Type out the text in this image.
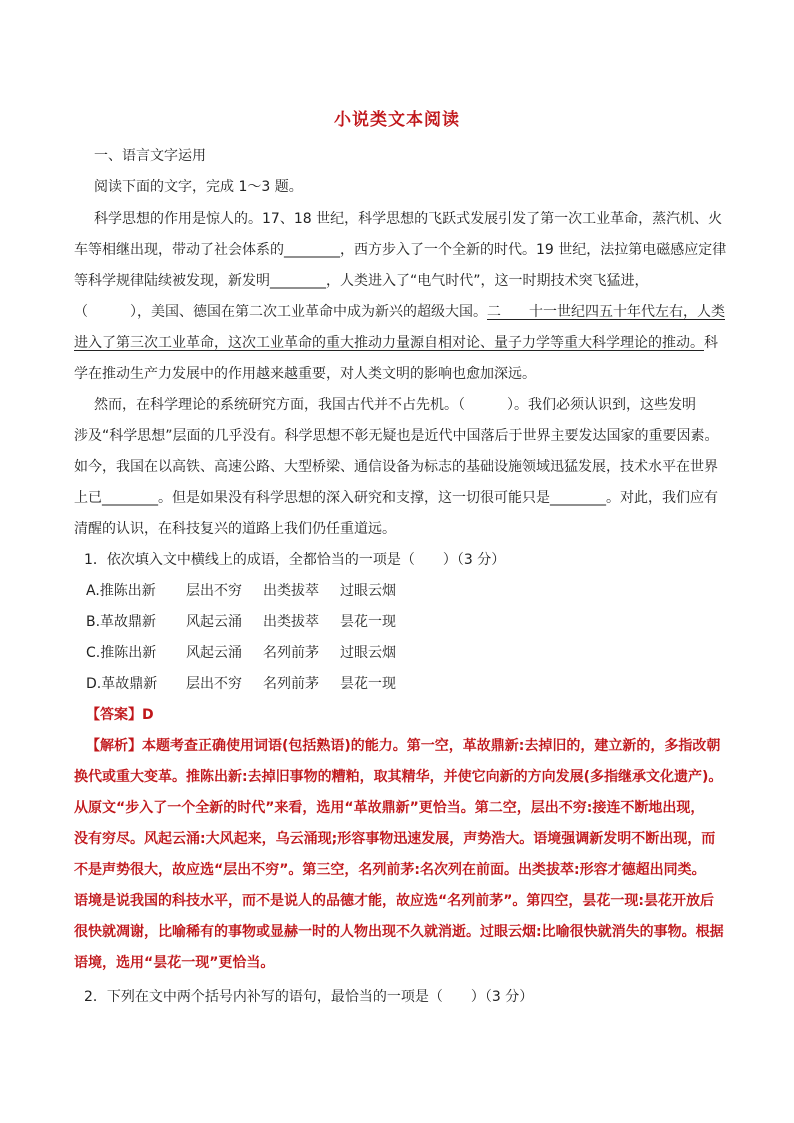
小说类文本阅读
一、语言文字运用
阅读下面的文字，完成 1～3 题。
科学思想的作用是惊人的。17、18 世纪，科学思想的飞跃式发展引发了第一次工业革命，蒸汽机、火
车等相继出现，带动了社会体系的________，西方步入了一个全新的时代。19 世纪，法拉第电磁感应定律
等科学规律陆续被发现，新发明________，人类进入了“电气时代”，这一时期技术突飞猛进，
（　　　），美国、德国在第二次工业革命中成为新兴的超级大国。二　　十一世纪四五十年代左右，人类
进入了第三次工业革命，这次工业革命的重大推动力量源自相对论、量子力学等重大科学理论的推动。科
学在推动生产力发展中的作用越来越重要，对人类文明的影响也愈加深远。
然而，在科学理论的系统研究方面，我国古代并不占先机。（　　　）。我们必须认识到，这些发明
涉及“科学思想”层面的几乎没有。科学思想不彰无疑也是近代中国落后于世界主要发达国家的重要因素。
如今，我国在以高铁、高速公路、大型桥梁、通信设备为标志的基础设施领域迅猛发展，技术水平在世界
上已________。但是如果没有科学思想的深入研究和支撑，这一切很可能只是________。对此，我们应有
清醒的认识，在科技复兴的道路上我们仍任重道远。
1．依次填入文中横线上的成语，全都恰当的一项是（　　）（3 分）
A.推陈出新 层出不穷 出类拔萃 过眼云烟
B.革故鼎新 风起云涌 出类拔萃 昙花一现
C.推陈出新 风起云涌 名列前茅 过眼云烟
D.革故鼎新 层出不穷 名列前茅 昙花一现
【答案】D
【解析】本题考查正确使用词语(包括熟语)的能力。第一空，革故鼎新:去掉旧的，建立新的，多指改朝
换代或重大变革。推陈出新:去掉旧事物的糟粕，取其精华，并使它向新的方向发展(多指继承文化遗产)。
从原文“步入了一个全新的时代”来看，选用“革故鼎新”更恰当。第二空，层出不穷:接连不断地出现，
没有穷尽。风起云涌:大风起来，乌云涌现;形容事物迅速发展，声势浩大。语境强调新发明不断出现，而
不是声势很大，故应选“层出不穷”。第三空，名列前茅:名次列在前面。出类拔萃:形容才德超出同类。
语境是说我国的科技水平，而不是说人的品德才能，故应选“名列前茅”。第四空，昙花一现:昙花开放后
很快就凋谢，比喻稀有的事物或显赫一时的人物出现不久就消逝。过眼云烟:比喻很快就消失的事物。根据
语境，选用“昙花一现”更恰当。
2．下列在文中两个括号内补写的语句，最恰当的一项是（　　）（3 分）
